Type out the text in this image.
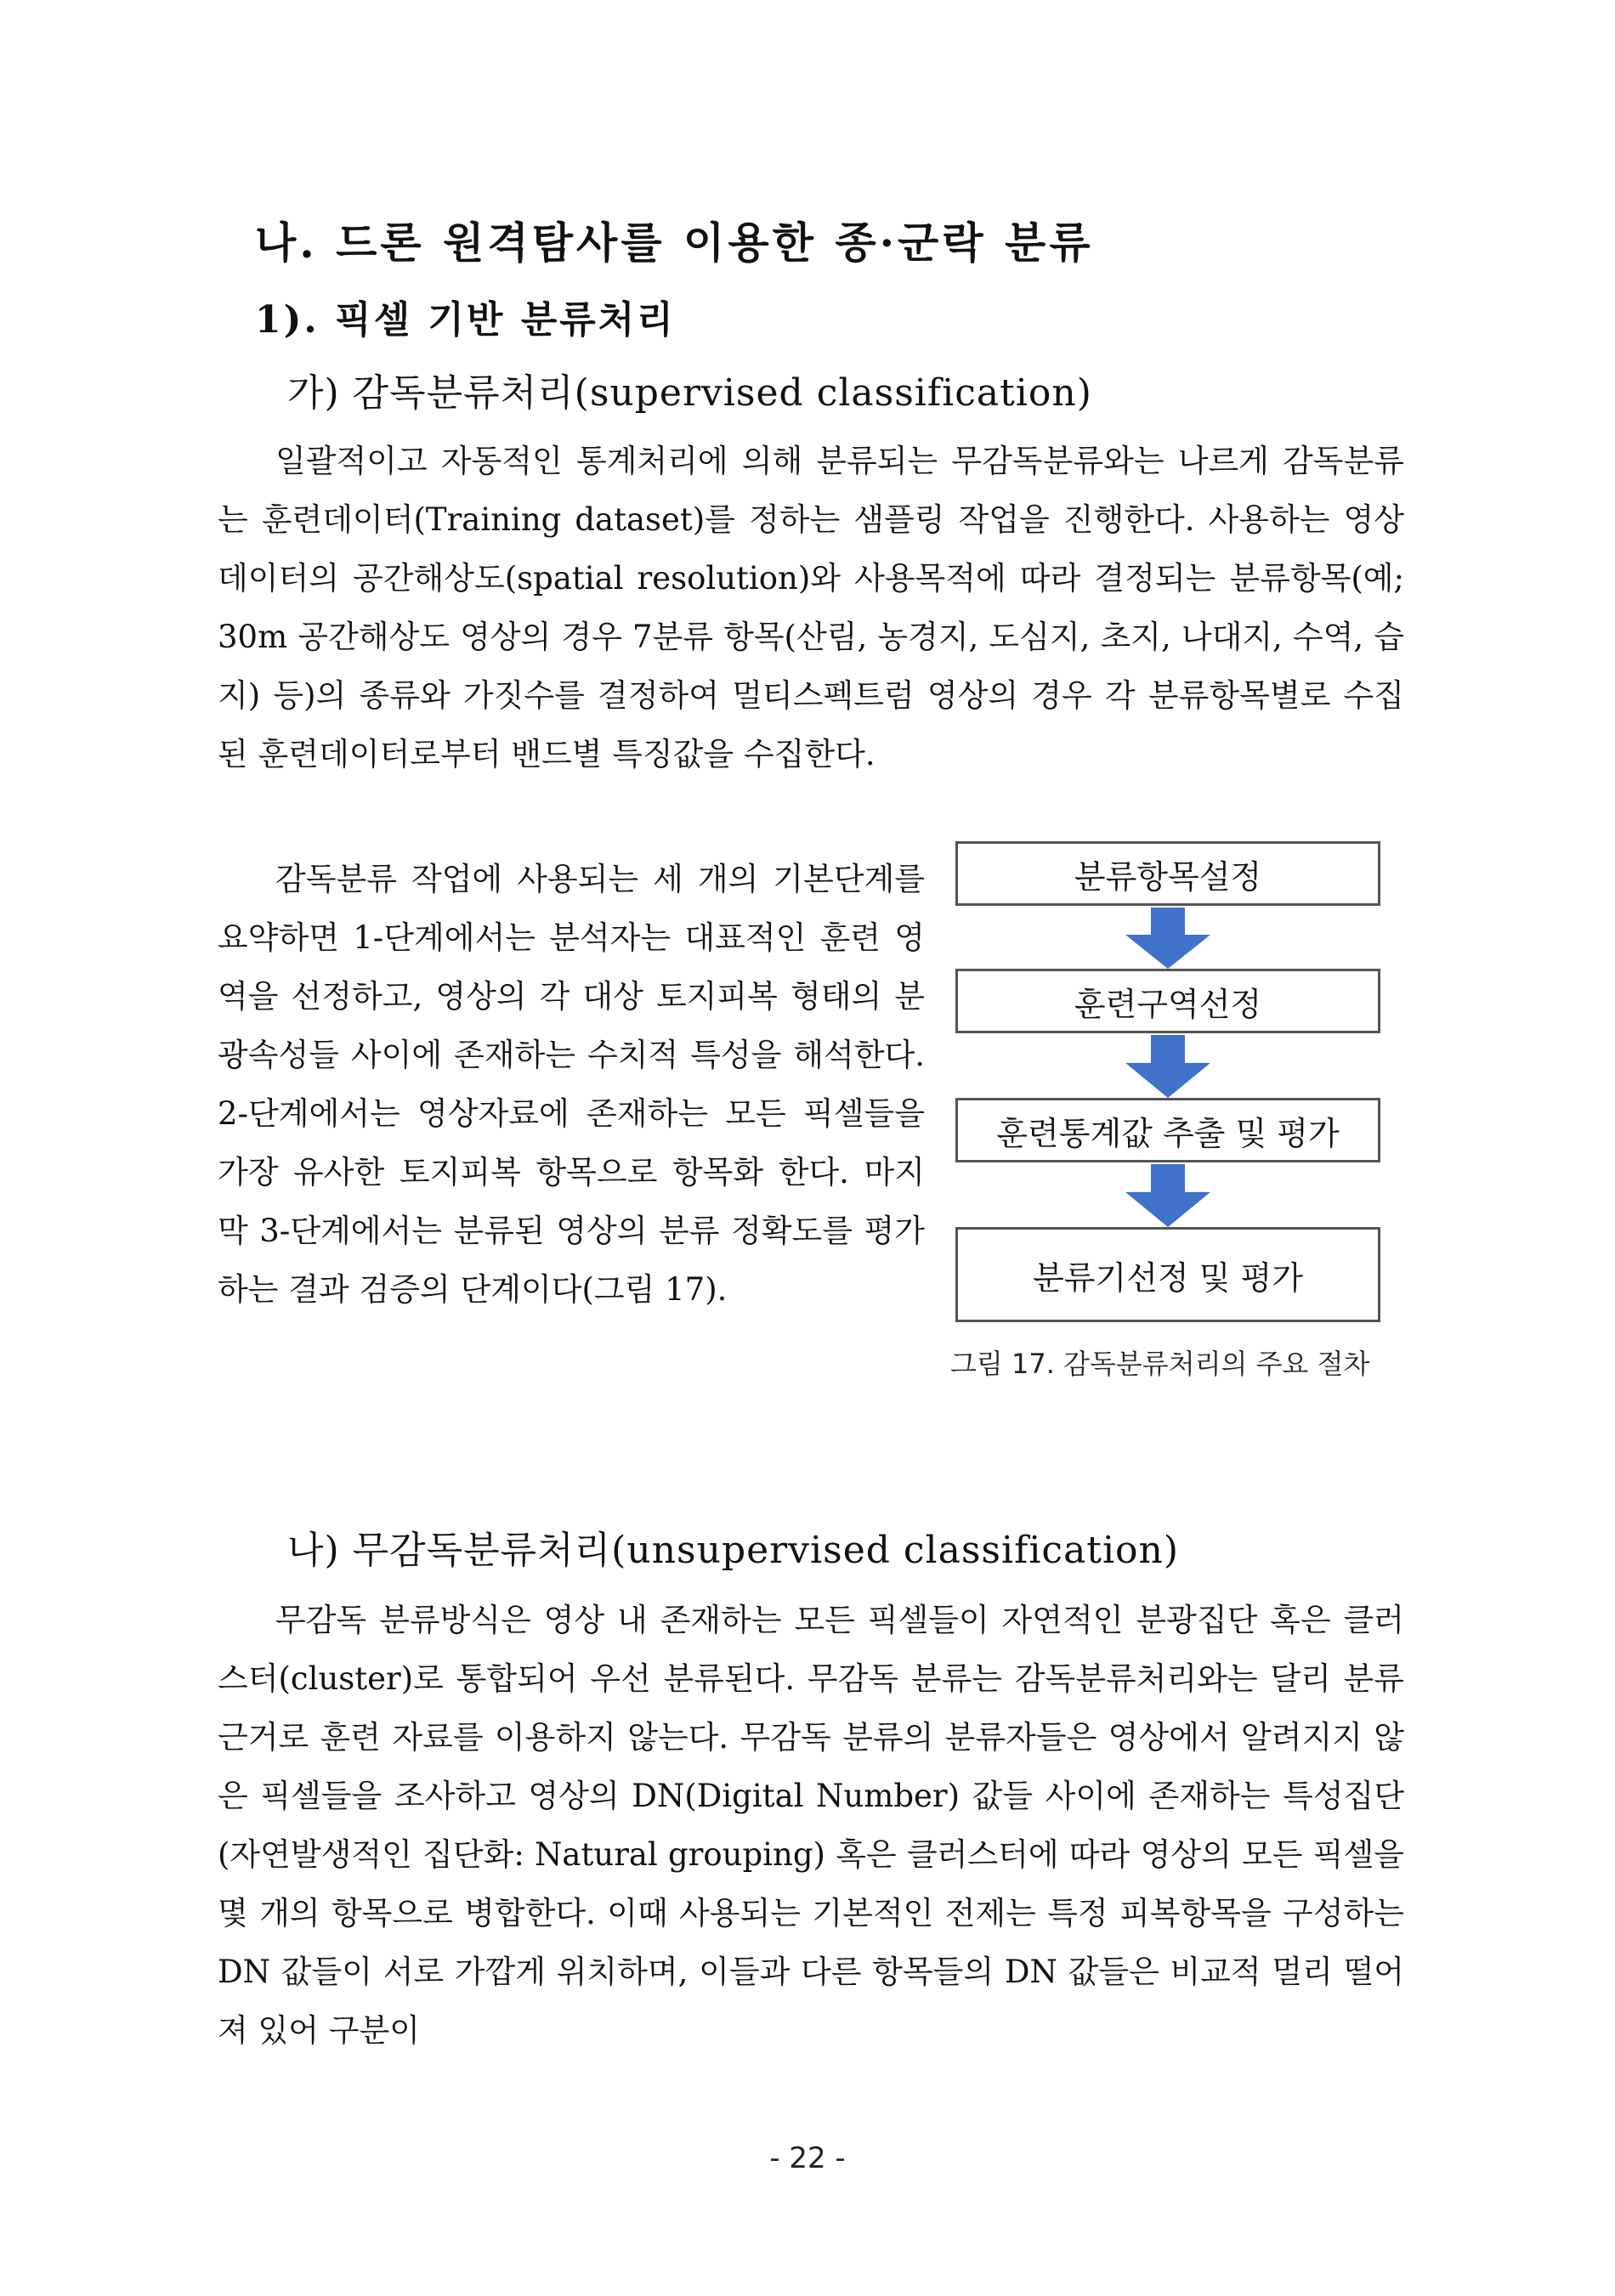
나. 드론 원격탐사를 이용한 종·군락 분류
1). 픽셀 기반 분류처리
가) 감독분류처리(supervised classification)

일괄적이고 자동적인 통계처리에 의해 분류되는 무감독분류와는 나르게 감독분류는 훈련데이터(Training dataset)를 정하는 샘플링 작업을 진행한다. 사용하는 영상 데이터의 공간해상도(spatial resolution)와 사용목적에 따라 결정되는 분류항목(예; 30m 공간해상도 영상의 경우 7분류 항목(산림, 농경지, 도심지, 초지, 나대지, 수역, 습지) 등)의 종류와 가짓수를 결정하여 멀티스펙트럼 영상의 경우 각 분류항목별로 수집된 훈련데이터로부터 밴드별 특징값을 수집한다.

감독분류 작업에 사용되는 세 개의 기본단계를 요약하면 1-단계에서는 분석자는 대표적인 훈련 영역을 선정하고, 영상의 각 대상 토지피복 형태의 분광속성들 사이에 존재하는 수치적 특성을 해석한다. 2-단계에서는 영상자료에 존재하는 모든 픽셀들을 가장 유사한 토지피복 항목으로 항목화 한다. 마지막 3-단계에서는 분류된 영상의 분류 정확도를 평가하는 결과 검증의 단계이다(그림 17).

분류항목설정
훈련구역선정
훈련통계값 추출 및 평가
분류기선정 및 평가
그림 17. 감독분류처리의 주요 절차
나) 무감독분류처리(unsupervised classification)

무감독 분류방식은 영상 내 존재하는 모든 픽셀들이 자연적인 분광집단 혹은 클러스터(cluster)로 통합되어 우선 분류된다. 무감독 분류는 감독분류처리와는 달리 분류근거로 훈련 자료를 이용하지 않는다. 무감독 분류의 분류자들은 영상에서 알려지지 않은 픽셀들을 조사하고 영상의 DN(Digital Number) 값들 사이에 존재하는 특성집단(자연발생적인 집단화: Natural grouping) 혹은 클러스터에 따라 영상의 모든 픽셀을 몇 개의 항목으로 병합한다. 이때 사용되는 기본적인 전제는 특정 피복항목을 구성하는 DN 값들이 서로 가깝게 위치하며, 이들과 다른 항목들의 DN 값들은 비교적 멀리 떨어져 있어 구분이

- 22 -
